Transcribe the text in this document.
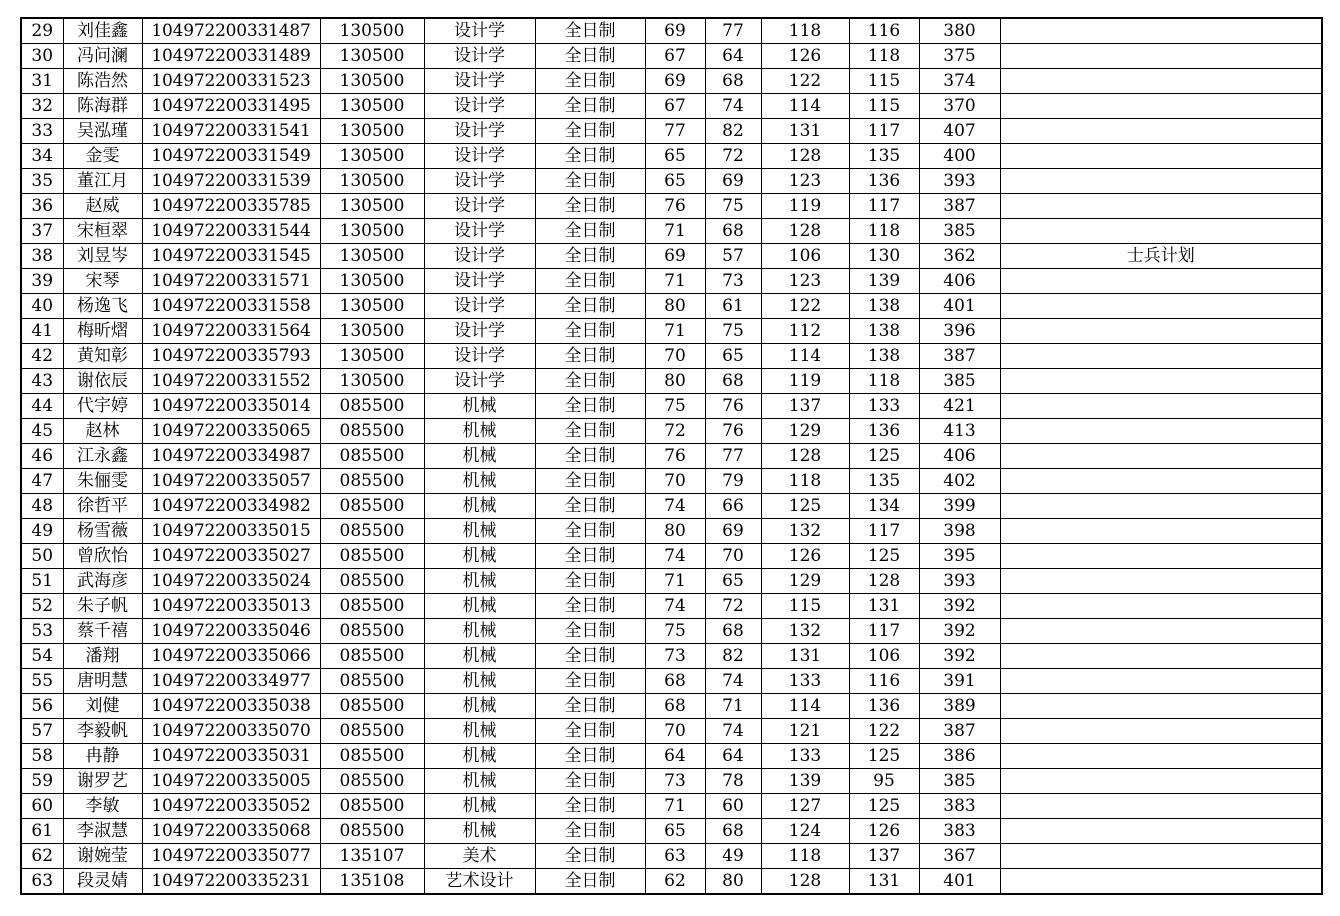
29	刘佳鑫	104972200331487	130500	设计学	全日制	69	77	118	116	380	
30	冯问澜	104972200331489	130500	设计学	全日制	67	64	126	118	375	
31	陈浩然	104972200331523	130500	设计学	全日制	69	68	122	115	374	
32	陈海群	104972200331495	130500	设计学	全日制	67	74	114	115	370	
33	吴泓瑾	104972200331541	130500	设计学	全日制	77	82	131	117	407	
34	金雯	104972200331549	130500	设计学	全日制	65	72	128	135	400	
35	董江月	104972200331539	130500	设计学	全日制	65	69	123	136	393	
36	赵威	104972200335785	130500	设计学	全日制	76	75	119	117	387	
37	宋桓翠	104972200331544	130500	设计学	全日制	71	68	128	118	385	
38	刘昱岑	104972200331545	130500	设计学	全日制	69	57	106	130	362	士兵计划
39	宋琴	104972200331571	130500	设计学	全日制	71	73	123	139	406	
40	杨逸飞	104972200331558	130500	设计学	全日制	80	61	122	138	401	
41	梅昕熠	104972200331564	130500	设计学	全日制	71	75	112	138	396	
42	黄知彰	104972200335793	130500	设计学	全日制	70	65	114	138	387	
43	谢依辰	104972200331552	130500	设计学	全日制	80	68	119	118	385	
44	代宇婷	104972200335014	085500	机械	全日制	75	76	137	133	421	
45	赵林	104972200335065	085500	机械	全日制	72	76	129	136	413	
46	江永鑫	104972200334987	085500	机械	全日制	76	77	128	125	406	
47	朱俪雯	104972200335057	085500	机械	全日制	70	79	118	135	402	
48	徐哲平	104972200334982	085500	机械	全日制	74	66	125	134	399	
49	杨雪薇	104972200335015	085500	机械	全日制	80	69	132	117	398	
50	曾欣怡	104972200335027	085500	机械	全日制	74	70	126	125	395	
51	武海彦	104972200335024	085500	机械	全日制	71	65	129	128	393	
52	朱子帆	104972200335013	085500	机械	全日制	74	72	115	131	392	
53	蔡千禧	104972200335046	085500	机械	全日制	75	68	132	117	392	
54	潘翔	104972200335066	085500	机械	全日制	73	82	131	106	392	
55	唐明慧	104972200334977	085500	机械	全日制	68	74	133	116	391	
56	刘健	104972200335038	085500	机械	全日制	68	71	114	136	389	
57	李毅帆	104972200335070	085500	机械	全日制	70	74	121	122	387	
58	冉静	104972200335031	085500	机械	全日制	64	64	133	125	386	
59	谢罗艺	104972200335005	085500	机械	全日制	73	78	139	95	385	
60	李敏	104972200335052	085500	机械	全日制	71	60	127	125	383	
61	李淑慧	104972200335068	085500	机械	全日制	65	68	124	126	383	
62	谢婉莹	104972200335077	135107	美术	全日制	63	49	118	137	367	
63	段灵婧	104972200335231	135108	艺术设计	全日制	62	80	128	131	401	
